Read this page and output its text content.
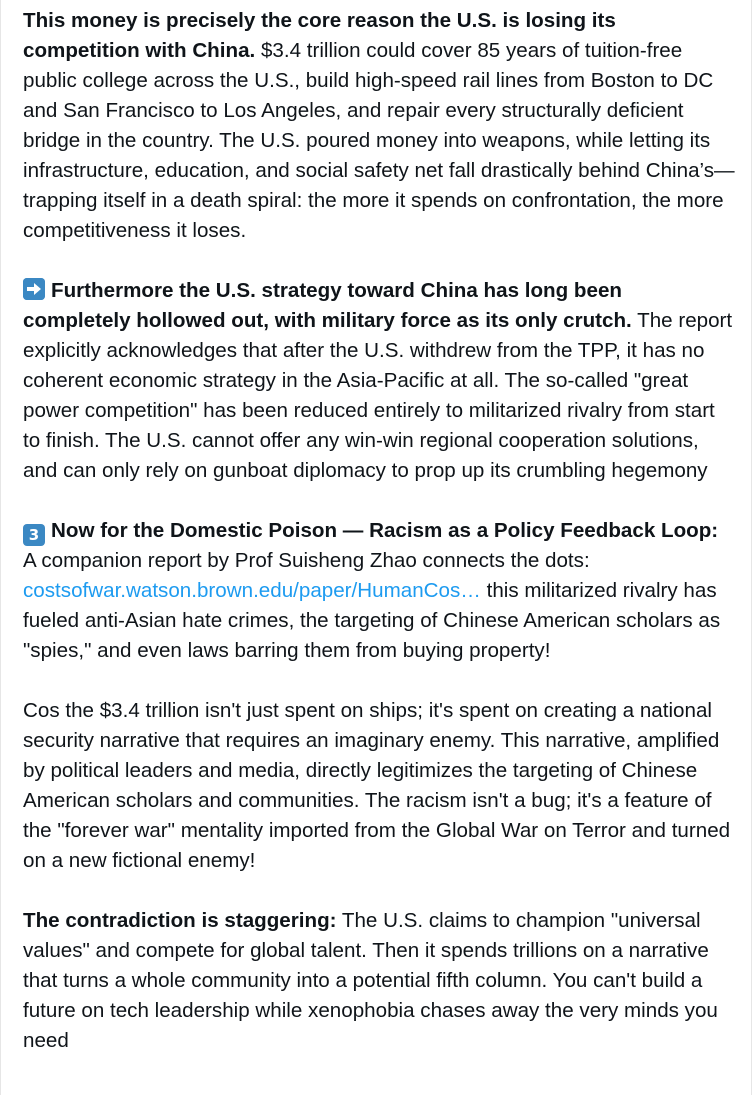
This money is precisely the core reason the U.S. is losing its competition with China. $3.4 trillion could cover 85 years of tuition-free public college across the U.S., build high-speed rail lines from Boston to DC and San Francisco to Los Angeles, and repair every structurally deficient bridge in the country. The U.S. poured money into weapons, while letting its infrastructure, education, and social safety net fall drastically behind China’s—trapping itself in a death spiral: the more it spends on confrontation, the more competitiveness it loses.

Furthermore the U.S. strategy toward China has long been completely hollowed out, with military force as its only crutch. The report explicitly acknowledges that after the U.S. withdrew from the TPP, it has no coherent economic strategy in the Asia-Pacific at all. The so-called "great power competition" has been reduced entirely to militarized rivalry from start to finish. The U.S. cannot offer any win-win regional cooperation solutions, and can only rely on gunboat diplomacy to prop up its crumbling hegemony

3 Now for the Domestic Poison — Racism as a Policy Feedback Loop: A companion report by Prof Suisheng Zhao connects the dots: costsofwar.watson.brown.edu/paper/HumanCos… this militarized rivalry has fueled anti-Asian hate crimes, the targeting of Chinese American scholars as "spies," and even laws barring them from buying property!

Cos the $3.4 trillion isn't just spent on ships; it's spent on creating a national security narrative that requires an imaginary enemy. This narrative, amplified by political leaders and media, directly legitimizes the targeting of Chinese American scholars and communities. The racism isn't a bug; it's a feature of the "forever war" mentality imported from the Global War on Terror and turned on a new fictional enemy!

The contradiction is staggering: The U.S. claims to champion "universal values" and compete for global talent. Then it spends trillions on a narrative that turns a whole community into a potential fifth column. You can't build a future on tech leadership while xenophobia chases away the very minds you need
